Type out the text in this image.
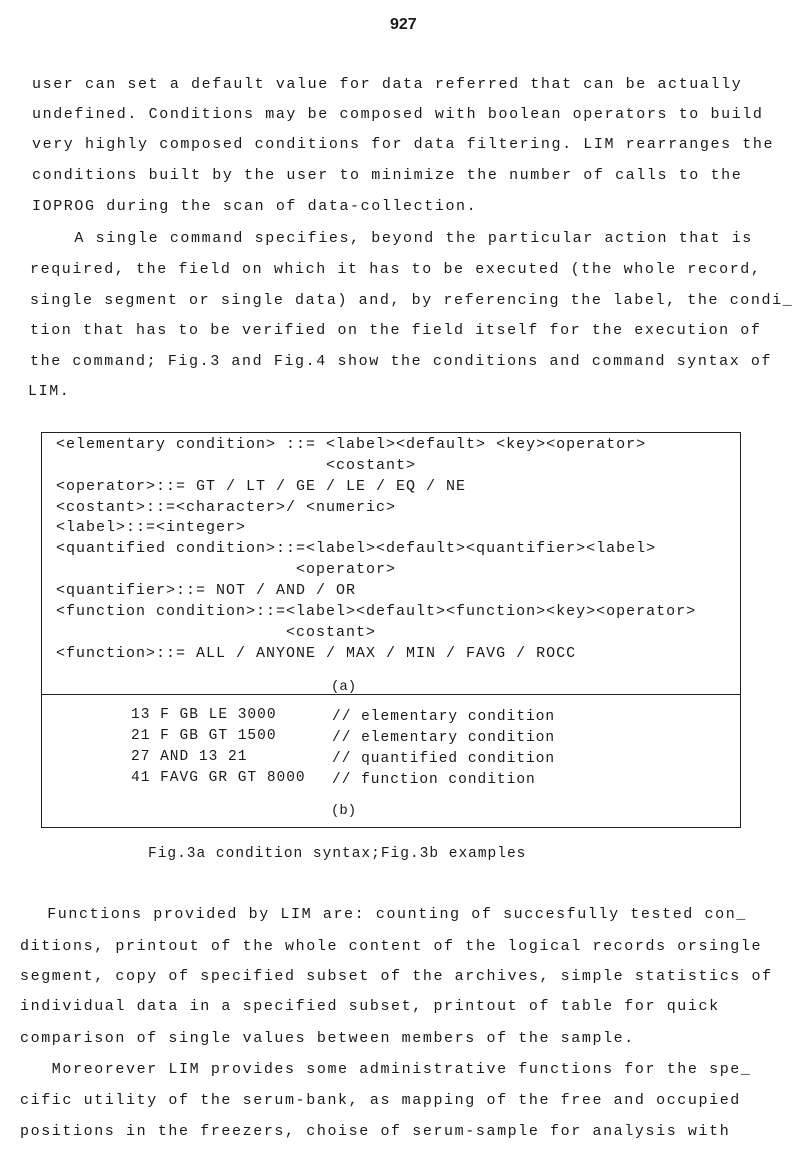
927
user can set a default value for data referred that can be actually
undefined. Conditions may be composed with boolean operators to build
very highly composed conditions for data filtering. LIM rearranges the
conditions built by the user to minimize the number of calls to the
IOPROG during the scan of data-collection.
A single command specifies, beyond the particular action that is
required, the field on which it has to be executed (the whole record,
single segment or single data) and, by referencing the label, the condi_
tion that has to be verified on the field itself for the execution of
the command; Fig.3 and Fig.4 show the conditions and command syntax of
LIM.
<elementary condition> ::= <label><default> <key><operator>
<costant>
<operator>::= GT / LT / GE / LE / EQ / NE
<costant>::=<character>/ <numeric>
<label>::=<integer>
<quantified condition>::=<label><default><quantifier><label>
<operator>
<quantifier>::= NOT / AND / OR
<function condition>::=<label><default><function><key><operator>
<costant>
<function>::= ALL / ANYONE / MAX / MIN / FAVG / ROCC
(a)
13 F GB LE 3000	// elementary condition
21 F GB GT 1500	// elementary condition
27 AND 13 21	// quantified condition
41 FAVG GR GT 8000 // function condition
(b)
Fig.3a condition syntax;Fig.3b examples
Functions provided by LIM are: counting of succesfully tested con_
ditions, printout of the whole content of the logical records orsingle
segment, copy of specified subset of the archives, simple statistics of
individual data in a specified subset, printout of table for quick
comparison of single values between members of the sample.
Moreorever LIM provides some administrative functions for the spe_
cific utility of the serum-bank, as mapping of the free and occupied
positions in the freezers, choise of serum-sample for analysis with
